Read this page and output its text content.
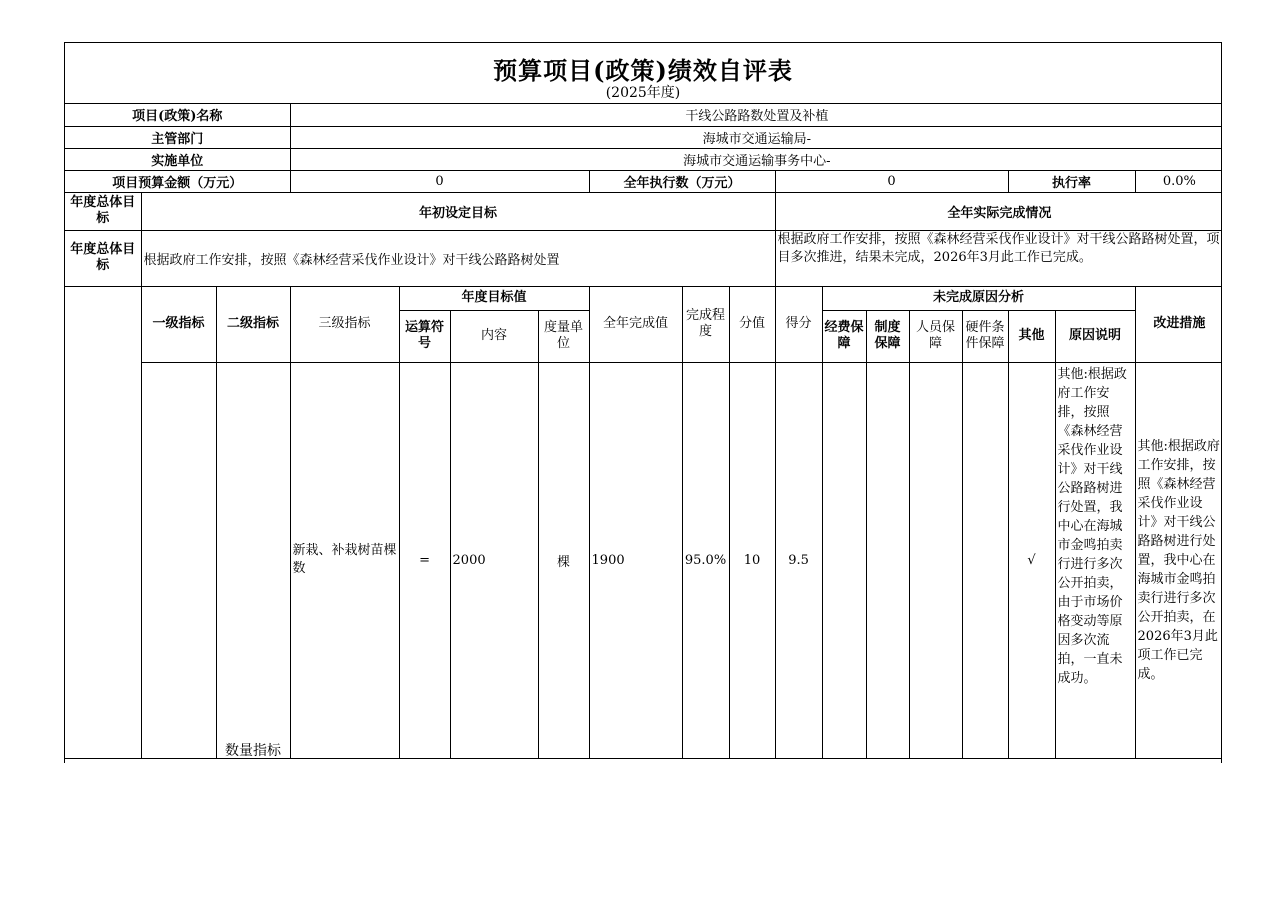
预算项目(政策)绩效自评表
(2025年度)
项目(政策)名称			干线公路路数处置及补植														
主管部门			海城市交通运输局-														
实施单位			海城市交通运输事务中心-														
项目预算金额（万元）			0				全年执行数（万元）			0					执行率		0.0%
年度总体目标	年初设定目标									全年实际完成情况							
年度总体目标	根据政府工作安排，按照《森林经营采伐作业设计》对干线公路路树处置									根据政府工作安排，按照《森林经营采伐作业设计》对干线公路路树处置，项目多次推进，结果未完成，2026年3月此工作已完成。							
	一级指标	二级指标	三级指标	年度目标值			全年完成值	完成程度	分值	得分	未完成原因分析						改进措施
				运算符号	内容	度量单位					经费保障	制度保障	人员保障	硬件条件保障	其他	原因说明	
		数量指标	新栽、补栽树苗棵数	=	2000	棵	1900	95.0%	10	9.5					√	其他:根据政府工作安排，按照《森林经营采伐作业设计》对干线公路路树进行处置，我中心在海城市金鸣拍卖行进行多次公开拍卖，由于市场价格变动等原因多次流拍，一直未成功。	其他:根据政府工作安排，按照《森林经营采伐作业设计》对干线公路路树进行处置，我中心在海城市金鸣拍卖行进行多次公开拍卖，在2026年3月此项工作已完成。
